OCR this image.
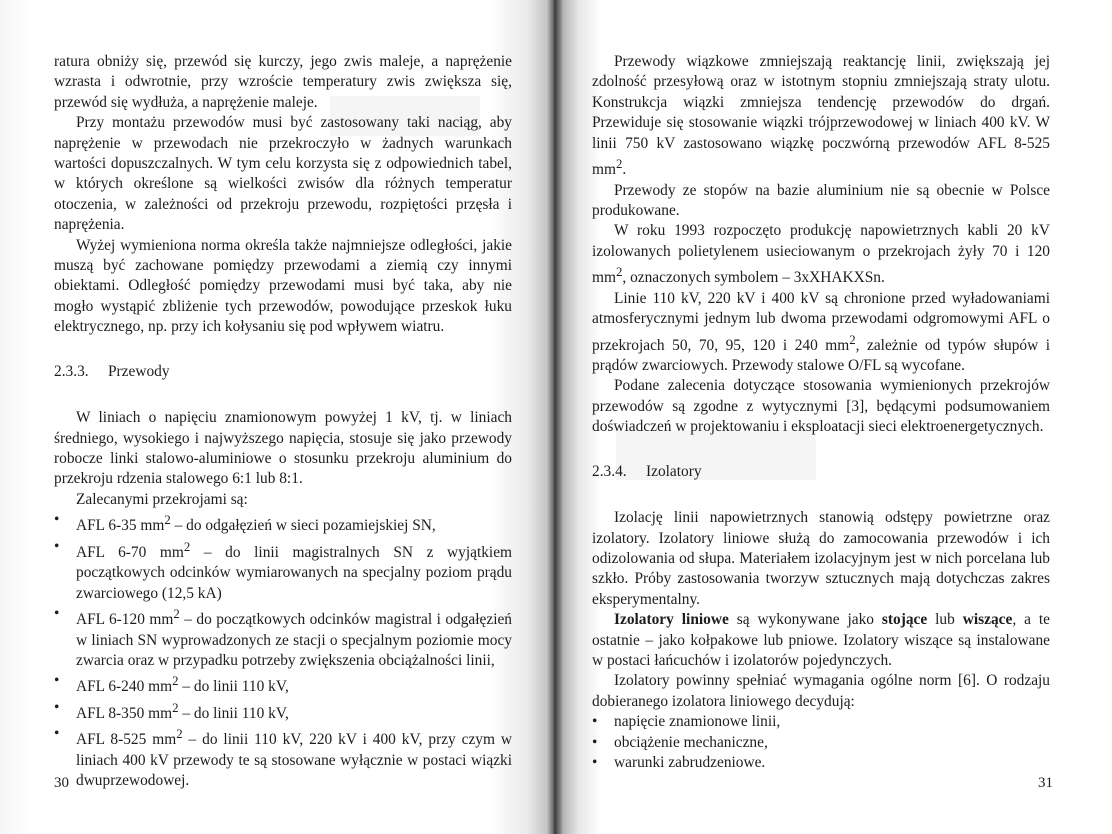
ratura obniży się, przewód się kurczy, jego zwis maleje, a naprężenie wzrasta i odwrotnie, przy wzroście temperatury zwis zwiększa się, przewód się wydłuża, a naprężenie maleje.

Przy montażu przewodów musi być zastosowany taki naciąg, aby naprężenie w przewodach nie przekroczyło w żadnych warunkach wartości dopuszczalnych. W tym celu korzysta się z odpowiednich tabel, w których określone są wielkości zwisów dla różnych temperatur otoczenia, w zależności od przekroju przewodu, rozpiętości przęsła i naprężenia.

Wyżej wymieniona norma określa także najmniejsze odległości, jakie muszą być zachowane pomiędzy przewodami a ziemią czy innymi obiektami. Odległość pomiędzy przewodami musi być taka, aby nie mogło wystąpić zbliżenie tych przewodów, powodujące przeskok łuku elektrycznego, np. przy ich kołysaniu się pod wpływem wiatru.

2.3.3. Przewody

W liniach o napięciu znamionowym powyżej 1 kV, tj. w liniach średniego, wysokiego i najwyższego napięcia, stosuje się jako przewody robocze linki stalowo-aluminiowe o stosunku przekroju aluminium do przekroju rdzenia stalowego 6:1 lub 8:1.

Zalecanymi przekrojami są:

• AFL 6-35 $mm^2$ – do odgałęzień w sieci pozamiejskiej SN,
• AFL 6-70 $mm^2$ – do linii magistralnych SN z wyjątkiem początkowych odcinków wymiarowanych na specjalny poziom prądu zwarciowego (12,5 kA)
• AFL 6-120 $mm^2$ – do początkowych odcinków magistral i odgałęzień w liniach SN wyprowadzonych ze stacji o specjalnym poziomie mocy zwarcia oraz w przypadku potrzeby zwiększenia obciążalności linii,
• AFL 6-240 $mm^2$ – do linii 110 kV,
• AFL 8-350 $mm^2$ – do linii 110 kV,
• AFL 8-525 $mm^2$ – do linii 110 kV, 220 kV i 400 kV, przy czym w liniach 400 kV przewody te są stosowane wyłącznie w postaci wiązki dwuprzewodowej.
30

Przewody wiązkowe zmniejszają reaktancję linii, zwiększają jej zdolność przesyłową oraz w istotnym stopniu zmniejszają straty ulotu. Konstrukcja wiązki zmniejsza tendencję przewodów do drgań. Przewiduje się stosowanie wiązki trójprzewodowej w liniach 400 kV. W linii 750 kV zastosowano wiązkę poczwórną przewodów AFL 8-525 $mm^2$.

Przewody ze stopów na bazie aluminium nie są obecnie w Polsce produkowane.

W roku 1993 rozpoczęto produkcję napowietrznych kabli 20 kV izolowanych polietylenem usieciowanym o przekrojach żyły 70 i 120 $mm^2$, oznaczonych symbolem – 3xXHAKXSn.

Linie 110 kV, 220 kV i 400 kV są chronione przed wyładowaniami atmosferycznymi jednym lub dwoma przewodami odgromowymi AFL o przekrojach 50, 70, 95, 120 i 240 $mm^2$, zależnie od typów słupów i prądów zwarciowych. Przewody stalowe O/FL są wycofane.

Podane zalecenia dotyczące stosowania wymienionych przekrojów przewodów są zgodne z wytycznymi [3], będącymi podsumowaniem doświadczeń w projektowaniu i eksploatacji sieci elektroenergetycznych.

2.3.4. Izolatory

Izolację linii napowietrznych stanowią odstępy powietrzne oraz izolatory. Izolatory liniowe służą do zamocowania przewodów i ich odizolowania od słupa. Materiałem izolacyjnym jest w nich porcelana lub szkło. Próby zastosowania tworzyw sztucznych mają dotychczas zakres eksperymentalny.

Izolatory liniowe są wykonywane jako stojące lub wiszące, a te ostatnie – jako kołpakowe lub pniowe. Izolatory wiszące są instalowane w postaci łańcuchów i izolatorów pojedynczych.

Izolatory powinny spełniać wymagania ogólne norm [6]. O rodzaju dobieranego izolatora liniowego decydują:

• napięcie znamionowe linii,
• obciążenie mechaniczne,
• warunki zabrudzeniowe.
31
